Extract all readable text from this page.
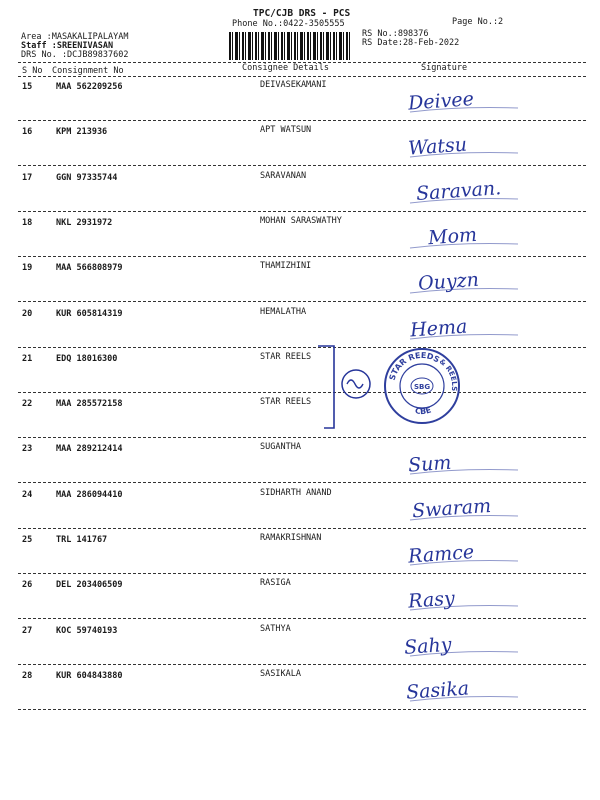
TPC/CJB DRS - PCS
Phone No.:0422-3505555	Page No.:2
Area :MASAKALIPALAYAM
Staff :SREENIVASAN
DRS No. :DCJB89837602
RS No.:898376
RS Date:28-Feb-2022
S No Consignment No	Consignee Details	Signature
15	MAA 562209256	DEIVASEKAMANI
Deivee
16	KPM 213936	APT WATSUN
Watsu
17	GGN 97335744	SARAVANAN
Saravan.
18	NKL 2931972	MOHAN SARASWATHY
Mom
19	MAA 566808979	THAMIZHINI
Ouyzn
20	KUR 605814319	HEMALATHA
Hema
21	EDQ 18016300	STAR REELS
22	MAA 285572158	STAR REELS
23	MAA 289212414	SUGANTHA
Sum
24	MAA 286094410	SIDHARTH ANAND
Swaram
25	TRL 141767	RAMAKRISHNAN
Ramce
26	DEL 203406509	RASIGA
Rasy
27	KOC 59740193	SATHYA
Sahy
28	KUR 604843880	SASIKALA
Sasika
STAR REEDS
& REELS
CBE
SBG
